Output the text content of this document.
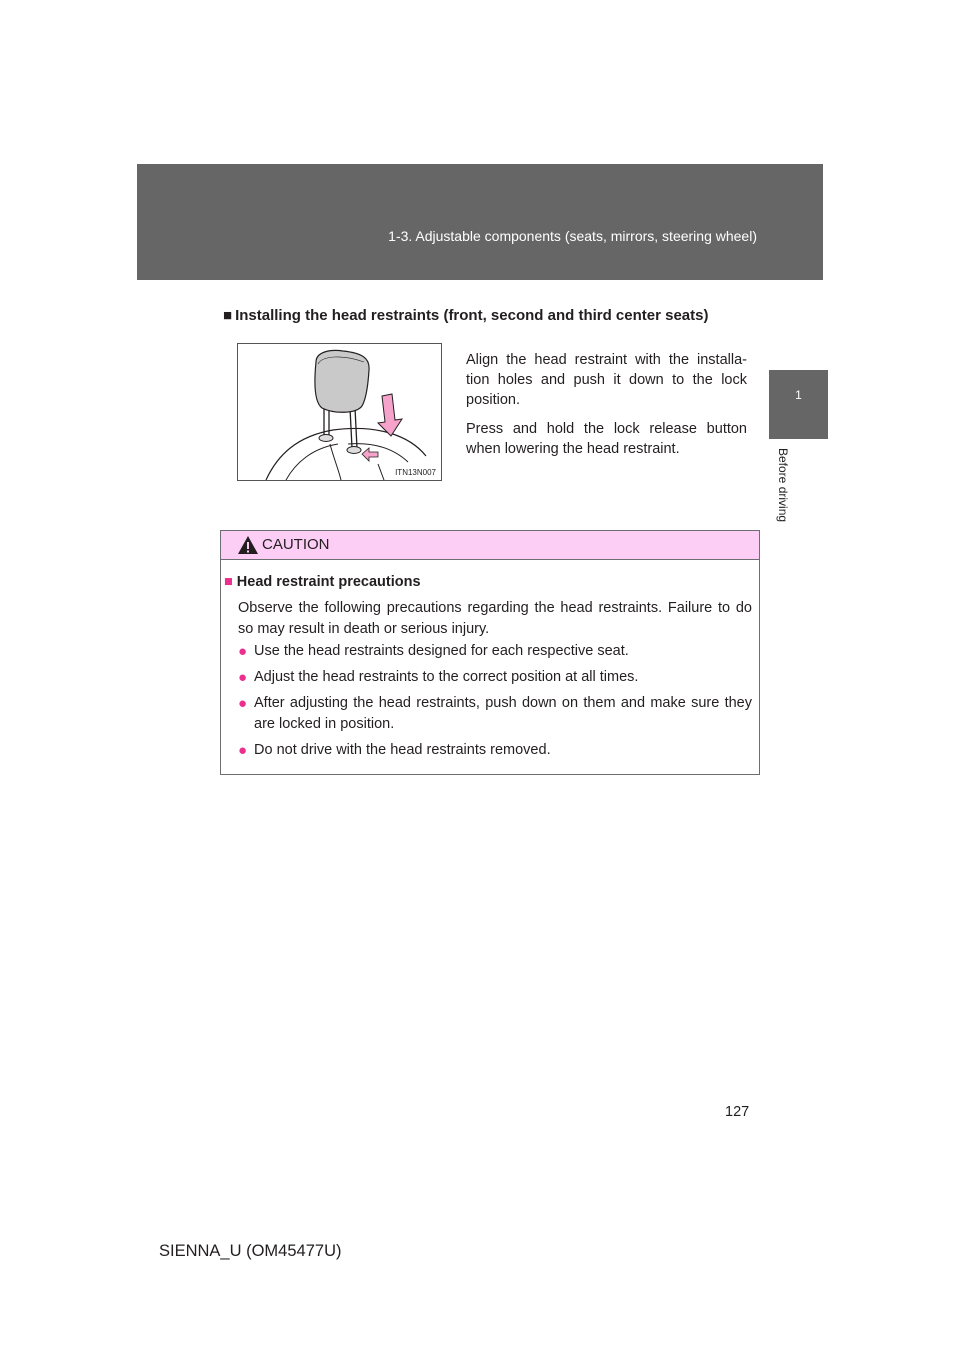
1-3. Adjustable components (seats, mirrors, steering wheel)
1
Before driving
■ Installing the head restraints (front, second and third center seats)
ITN13N007

Align the head restraint with the installa- tion holes and push it down to the lock position.

Press and hold the lock release button when lowering the head restraint.

CAUTION
■ Head restraint precautions
Observe the following precautions regarding the head restraints. Failure to do so may result in death or serious injury.
● Use the head restraints designed for each respective seat.
● Adjust the head restraints to the correct position at all times.
● After adjusting the head restraints, push down on them and make sure they are locked in position.
● Do not drive with the head restraints removed.
127
SIENNA_U (OM45477U)
